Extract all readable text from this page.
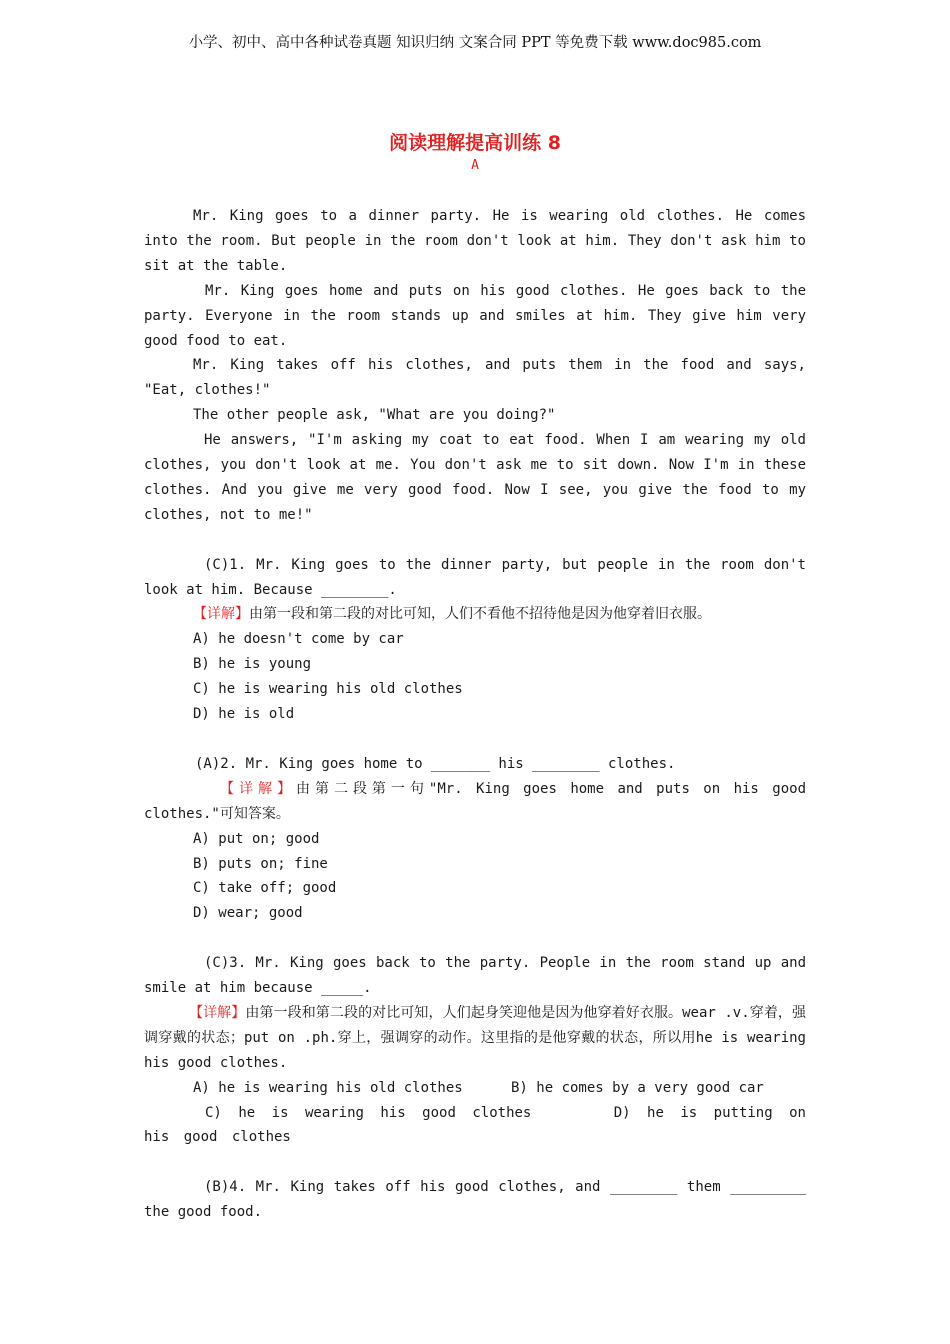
小学、初中、高中各种试卷真题 知识归纳 文案合同 PPT 等免费下载 www.doc985.com
阅读理解提高训练 8
A

Mr. King goes to a dinner party. He is wearing old clothes. He comes into the room. But people in the room don't look at him. They don't ask him to sit at the table.

Mr. King goes home and puts on his good clothes. He goes back to the party. Everyone in the room stands up and smiles at him. They give him very good food to eat.

Mr. King takes off his clothes, and puts them in the food and says, "Eat, clothes!"

The other people ask, "What are you doing?"

He answers, "I'm asking my coat to eat food. When I am wearing my old clothes, you don't look at me. You don't ask me to sit down. Now I'm in these clothes. And you give me very good food. Now I see, you give the food to my clothes, not to me!"

(C)1. Mr. King goes to the dinner party, but people in the room don't look at him. Because ________.

【详解】由第一段和第二段的对比可知，人们不看他不招待他是因为他穿着旧衣服。

A) he doesn't come by car

B) he is young

C) he is wearing his old clothes

D) he is old

(A)2. Mr. King goes home to _______ his ________ clothes.

【详解】由第二段第一句"Mr. King goes home and puts on his good clothes."可知答案。

A) put on; good

B) puts on; fine

C) take off; good

D) wear; good

(C)3. Mr. King goes back to the party. People in the room stand up and smile at him because _____.

【详解】由第一段和第二段的对比可知，人们起身笑迎他是因为他穿着好衣服。wear .v.穿着，强调穿戴的状态；put on .ph.穿上，强调穿的动作。这里指的是他穿戴的状态，所以用he is wearing his good clothes.

A) he is wearing his old clothes	B) he comes by a very good car

C) he is wearing his good clothes	D) he is putting on his good clothes

(B)4. Mr. King takes off his good clothes, and ________ them _________ the good food.
